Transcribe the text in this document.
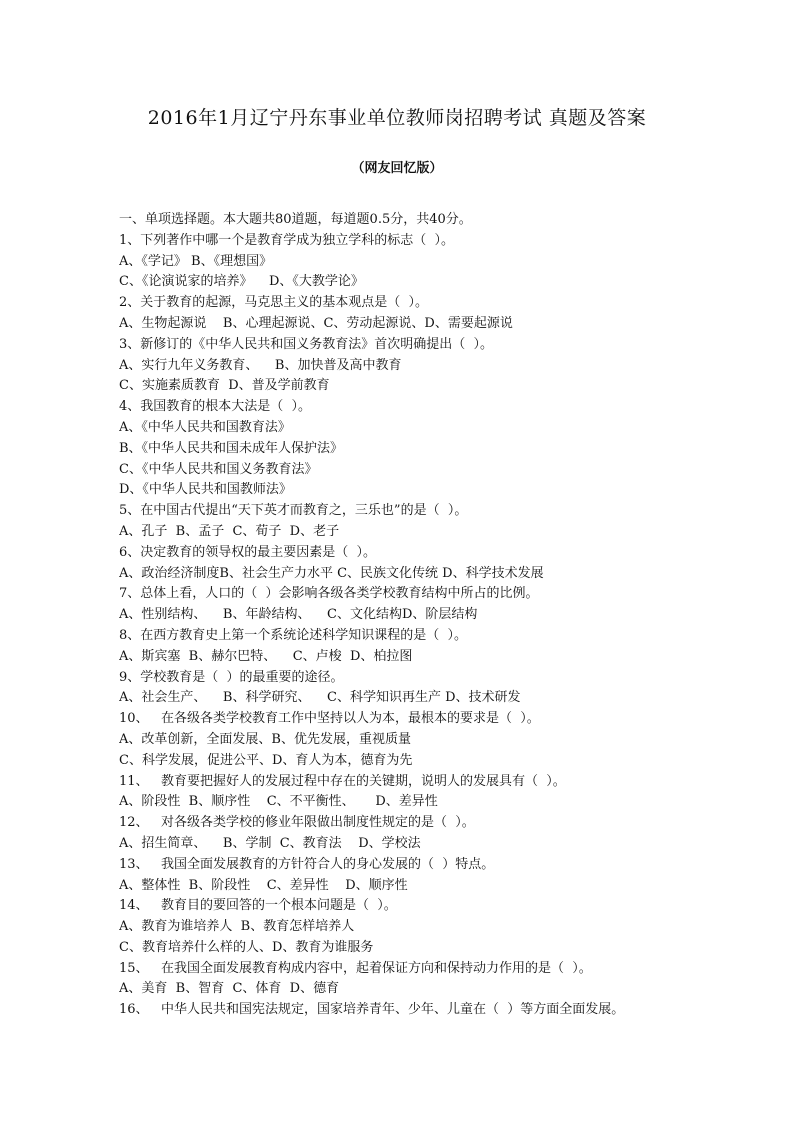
2016年1月辽宁丹东事业单位教师岗招聘考试 真题及答案
（网友回忆版）
一、单项选择题。本大题共80道题，每道题0.5分，共40分。
1、下列著作中哪一个是教育学成为独立学科的标志（  ）。
A、《学记》 B、《理想国》
C、《论演说家的培养》    D、《大教学论》
2、关于教育的起源，马克思主义的基本观点是（  ）。
A、生物起源说    B、心理起源说、C、劳动起源说、D、需要起源说
3、新修订的《中华人民共和国义务教育法》首次明确提出（  ）。
A、实行九年义务教育、    B、加快普及高中教育
C、实施素质教育  D、普及学前教育
4、我国教育的根本大法是（  ）。
A、《中华人民共和国教育法》
B、《中华人民共和国未成年人保护法》
C、《中华人民共和国义务教育法》
D、《中华人民共和国教师法》
5、在中国古代提出“天下英才而教育之，三乐也”的是（  ）。
A、孔子  B、孟子  C、荀子  D、老子
6、决定教育的领导权的最主要因素是（  ）。
A、政治经济制度B、社会生产力水平 C、民族文化传统 D、科学技术发展
7、总体上看，人口的（  ）会影响各级各类学校教育结构中所占的比例。
A、性别结构、    B、年龄结构、    C、文化结构D、阶层结构
8、在西方教育史上第一个系统论述科学知识课程的是（  ）。
A、斯宾塞  B、赫尔巴特、    C、卢梭  D、柏拉图
9、学校教育是（  ）的最重要的途径。
A、社会生产、    B、科学研究、    C、科学知识再生产 D、技术研发
10、   在各级各类学校教育工作中坚持以人为本，最根本的要求是（  ）。
A、改革创新，全面发展、B、优先发展，重视质量
C、科学发展，促进公平、D、育人为本，德育为先
11、   教育要把握好人的发展过程中存在的关键期，说明人的发展具有（  ）。
A、阶段性  B、顺序性    C、不平衡性、     D、差异性
12、   对各级各类学校的修业年限做出制度性规定的是（  ）。
A、招生简章、    B、学制  C、教育法    D、学校法
13、   我国全面发展教育的方针符合人的身心发展的（  ）特点。
A、整体性  B、阶段性    C、差异性    D、顺序性
14、   教育目的要回答的一个根本问题是（  ）。
A、教育为谁培养人  B、教育怎样培养人
C、教育培养什么样的人、D、教育为谁服务
15、   在我国全面发展教育构成内容中，起着保证方向和保持动力作用的是（  ）。
A、美育  B、智育  C、体育  D、德育
16、   中华人民共和国宪法规定，国家培养青年、少年、儿童在（  ）等方面全面发展。
